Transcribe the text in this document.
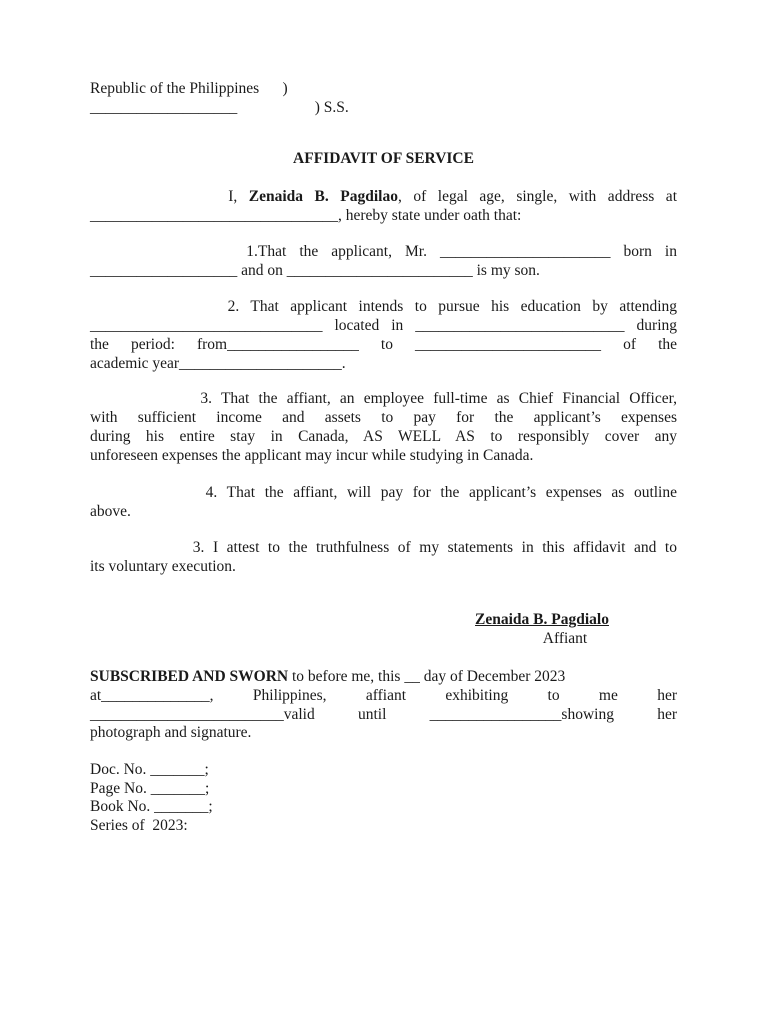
Republic of the Philippines      )
___________________                    ) S.S.
AFFIDAVIT OF SERVICE
I, Zenaida B. Pagdilao, of legal age, single, with address at
________________________________, hereby state under oath that:
1.That the applicant, Mr. ______________________ born in
___________________ and on ________________________ is my son.
2. That applicant intends to pursue his education by attending
______________________________ located in ___________________________ during
the period: from_________________ to ________________________ of the
academic year_____________________.
3. That the affiant, an employee full-time as Chief Financial Officer,
with sufficient income and assets to pay for the applicant’s expenses
during his entire stay in Canada, AS WELL AS to responsibly cover any
unforeseen expenses the applicant may incur while studying in Canada.
4. That the affiant, will pay for the applicant’s expenses as outline
above.
3. I attest to the truthfulness of my statements in this affidavit and to
its voluntary execution.
Zenaida B. Pagdialo
Affiant
SUBSCRIBED AND SWORN to before me, this __ day of December 2023
at______________, Philippines, affiant exhibiting to me her
_________________________valid until _________________showing her
photograph and signature.
Doc. No. _______;
Page No. _______;
Book No. _______;
Series of  2023:
